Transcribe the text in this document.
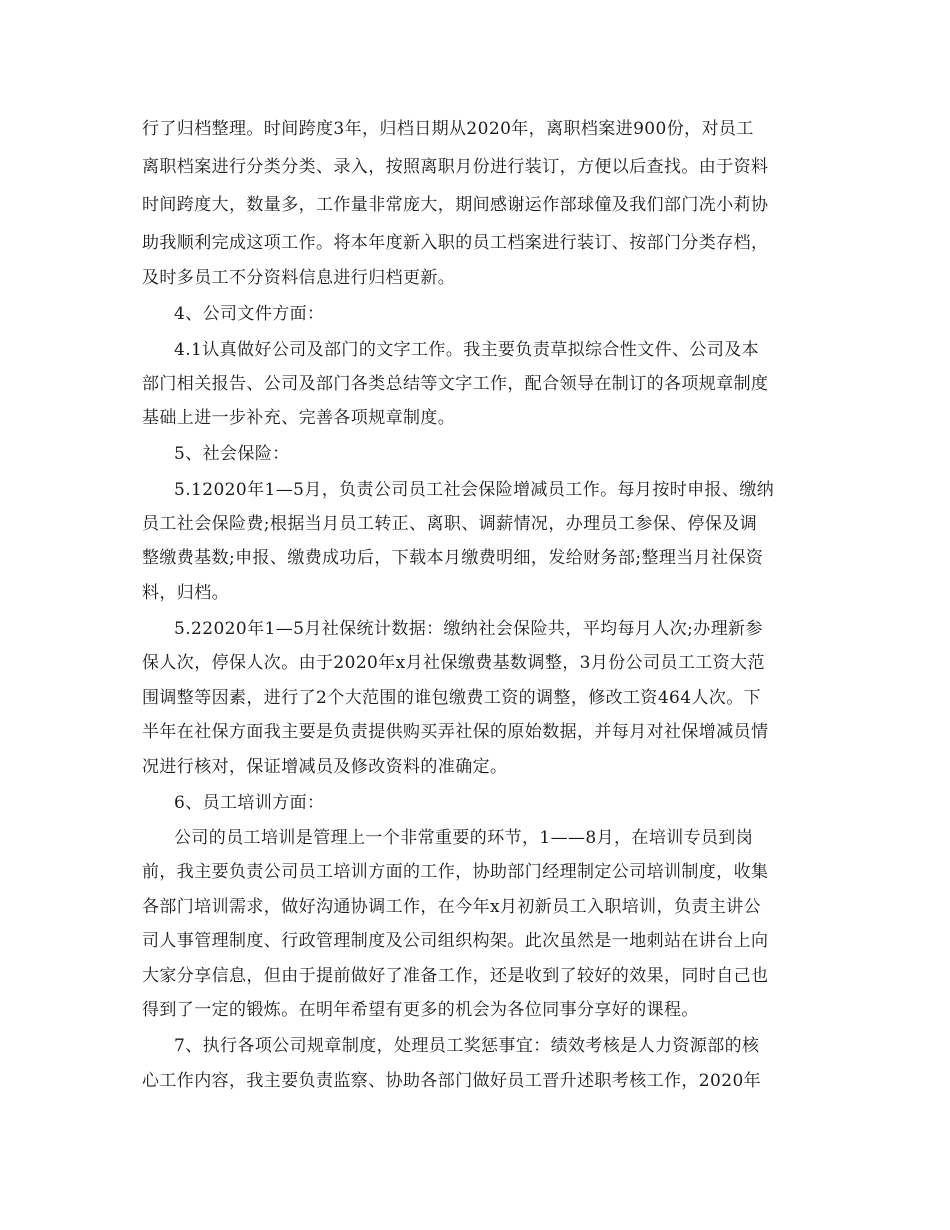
行了归档整理。时间跨度3年，归档日期从2020年，离职档案进900份，对员工
离职档案进行分类分类、录入，按照离职月份进行装订，方便以后查找。由于资料
时间跨度大，数量多，工作量非常庞大，期间感谢运作部球僮及我们部门冼小莉协
助我顺利完成这项工作。将本年度新入职的员工档案进行装订、按部门分类存档，
及时多员工不分资料信息进行归档更新。
4、公司文件方面：
4.1认真做好公司及部门的文字工作。我主要负责草拟综合性文件、公司及本
部门相关报告、公司及部门各类总结等文字工作，配合领导在制订的各项规章制度
基础上进一步补充、完善各项规章制度。
5、社会保险：
5.12020年1—5月，负责公司员工社会保险增减员工作。每月按时申报、缴纳
员工社会保险费;根据当月员工转正、离职、调薪情况，办理员工参保、停保及调
整缴费基数;申报、缴费成功后，下载本月缴费明细，发给财务部;整理当月社保资
料，归档。
5.22020年1—5月社保统计数据：缴纳社会保险共，平均每月人次;办理新参
保人次，停保人次。由于2020年x月社保缴费基数调整，3月份公司员工工资大范
围调整等因素，进行了2个大范围的谁包缴费工资的调整，修改工资464人次。下
半年在社保方面我主要是负责提供购买弄社保的原始数据，并每月对社保增减员情
况进行核对，保证增减员及修改资料的准确定。
6、员工培训方面：
公司的员工培训是管理上一个非常重要的环节，1——8月，在培训专员到岗
前，我主要负责公司员工培训方面的工作，协助部门经理制定公司培训制度，收集
各部门培训需求，做好沟通协调工作，在今年x月初新员工入职培训，负责主讲公
司人事管理制度、行政管理制度及公司组织构架。此次虽然是一地刺站在讲台上向
大家分享信息，但由于提前做好了准备工作，还是收到了较好的效果，同时自己也
得到了一定的锻炼。在明年希望有更多的机会为各位同事分享好的课程。
7、执行各项公司规章制度，处理员工奖惩事宜：绩效考核是人力资源部的核
心工作内容，我主要负责监察、协助各部门做好员工晋升述职考核工作，2020年
